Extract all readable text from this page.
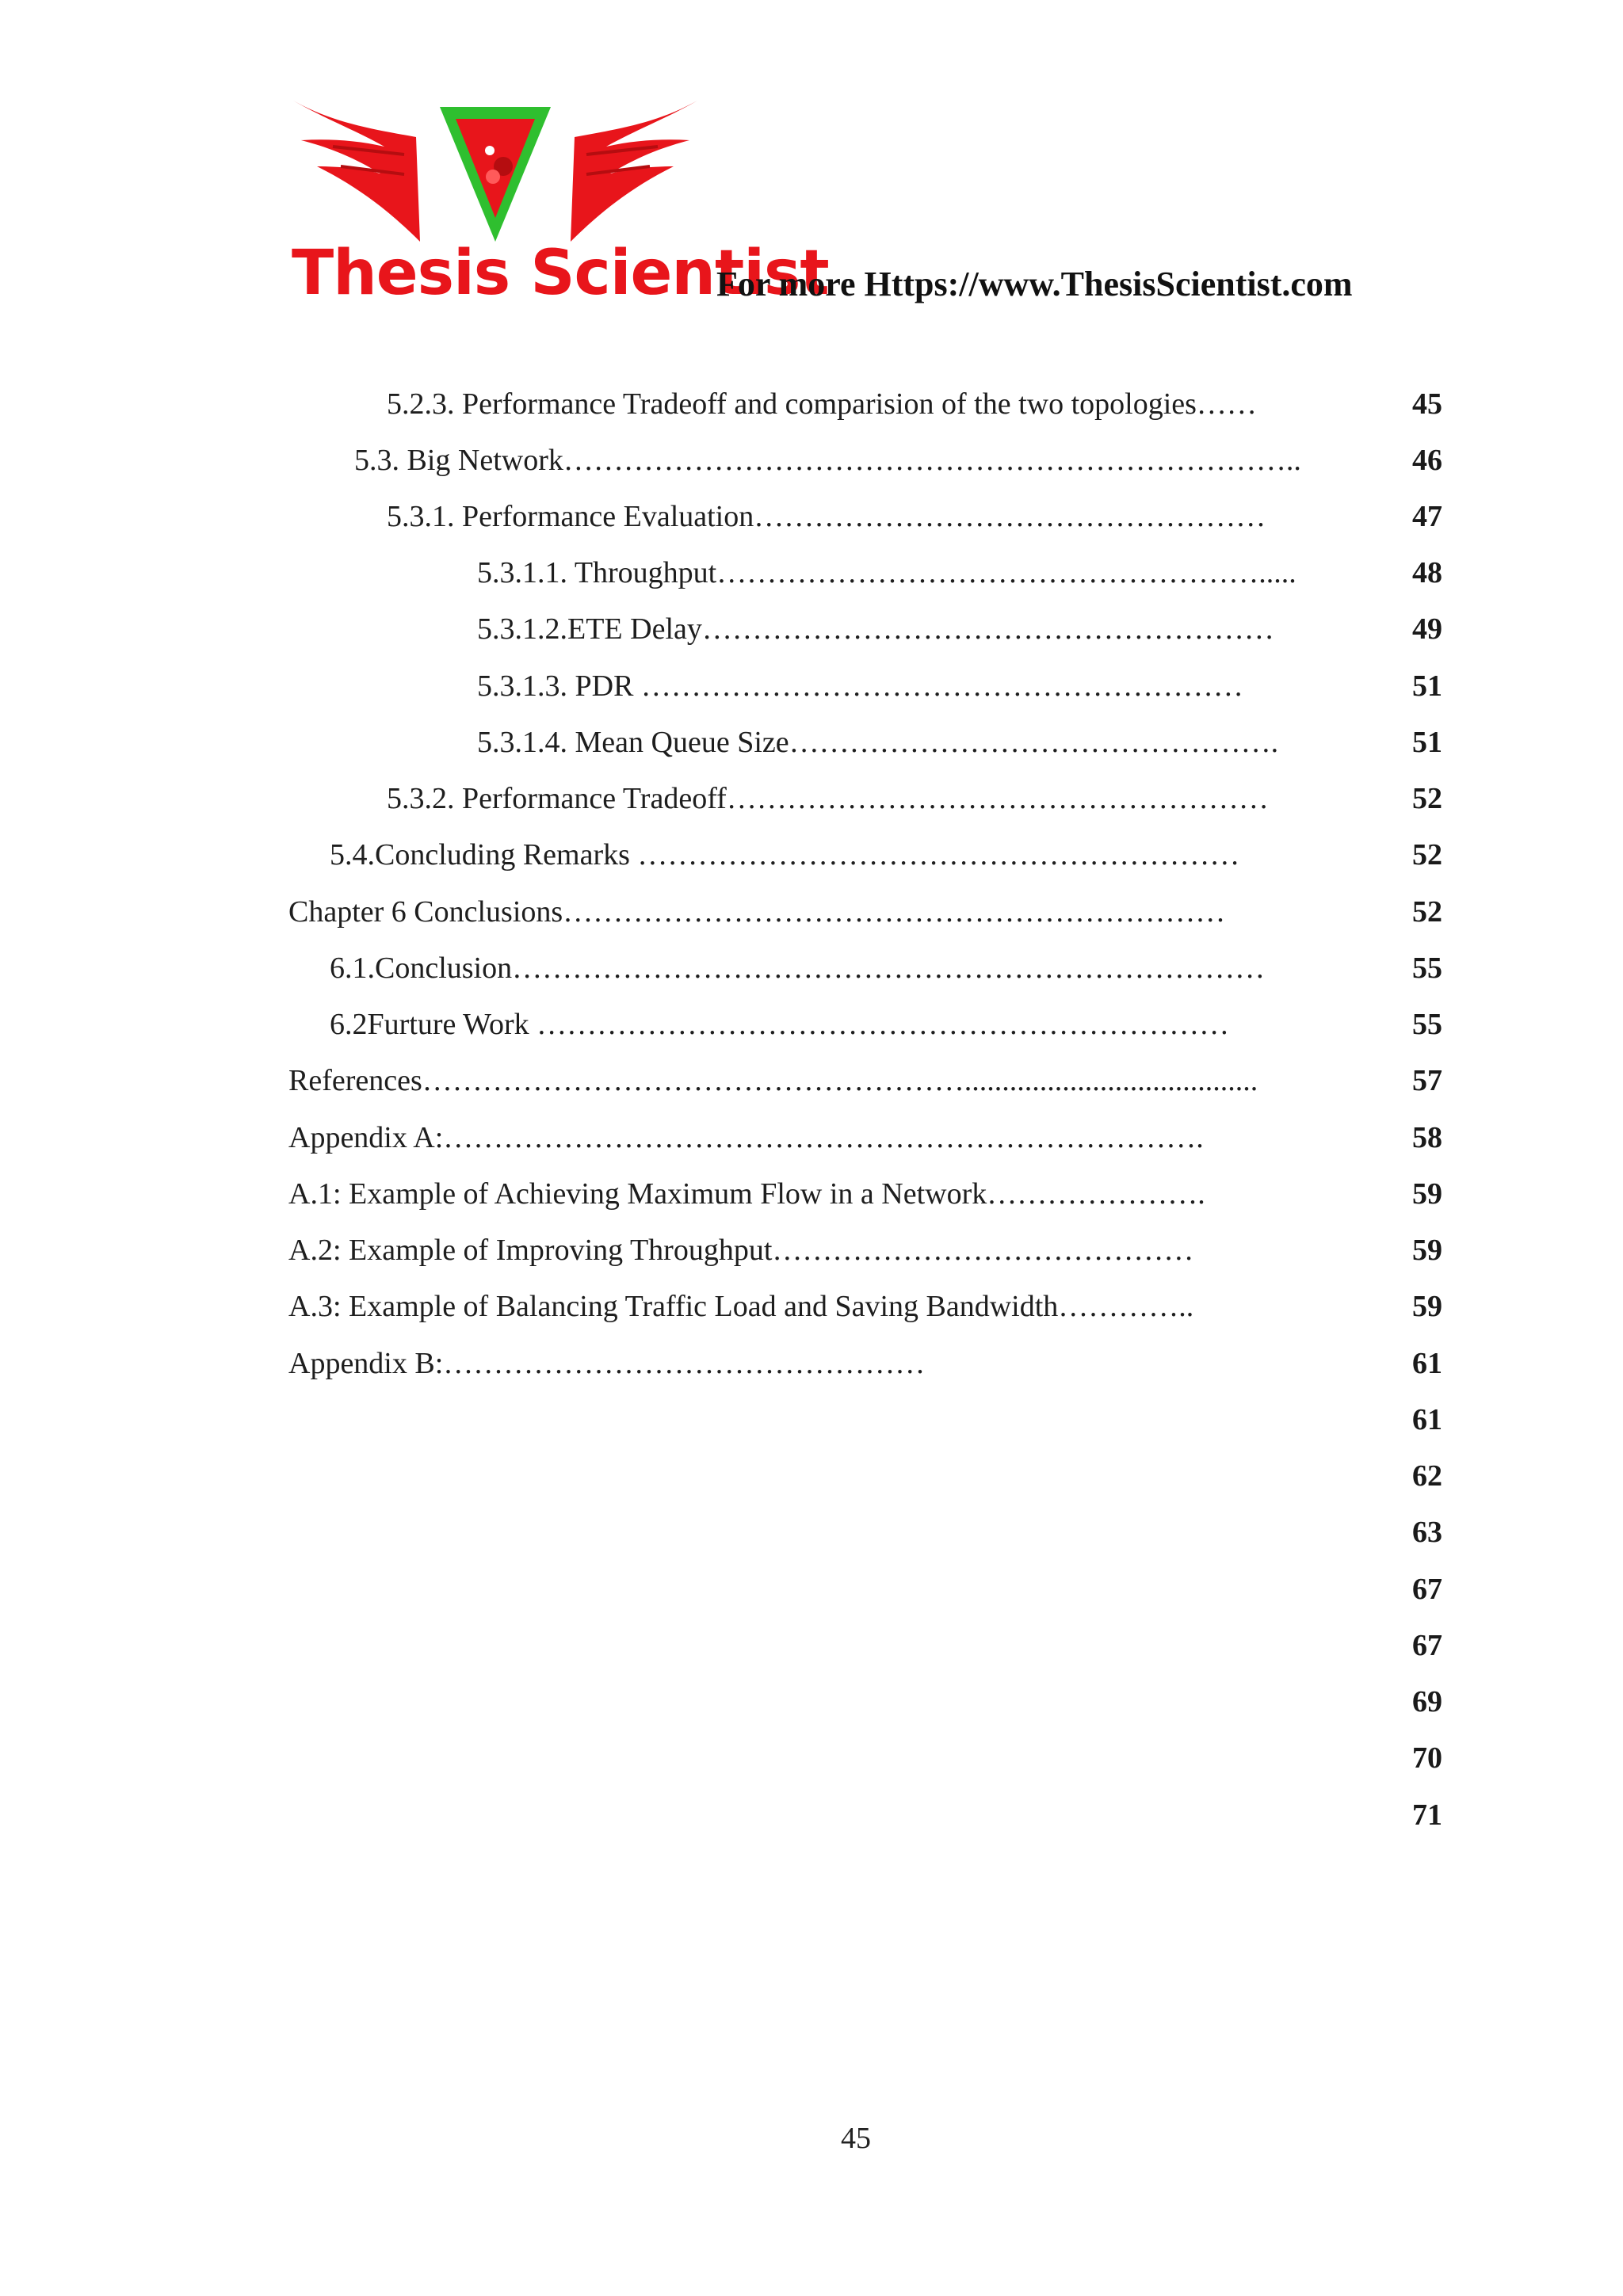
Thesis Scientist
For more Https://www.ThesisScientist.com
5.2.3. Performance Tradeoff and comparision of the two topologies……
5.3. Big Network………………………………………………………………..
5.3.1. Performance Evaluation……………………………………………
5.3.1.1. Throughput……………………………………………….....
5.3.1.2.ETE Delay…………………………………………………
5.3.1.3. PDR ……………………………………………………
5.3.1.4. Mean Queue Size………………………………………….
5.3.2. Performance Tradeoff………………………………………………
5.4.Concluding Remarks ……………………………………………………
Chapter 6 Conclusions…………………………………………………………
6.1.Conclusion…………………………………………………………………
6.2Furture Work ……………………………………………………………
References……………………………………………….......................................
Appendix A:………………………………………………………………….
A.1: Example of Achieving Maximum Flow in a Network………………….
A.2: Example of Improving Throughput……………………………………
A.3: Example of Balancing Traffic Load and Saving Bandwidth…………..
Appendix B:…………………………………………
45
46
47
48
49
51
51
52
52
52
55
55
57
58
59
59
59
61
61
62
63
67
67
69
70
71
45
